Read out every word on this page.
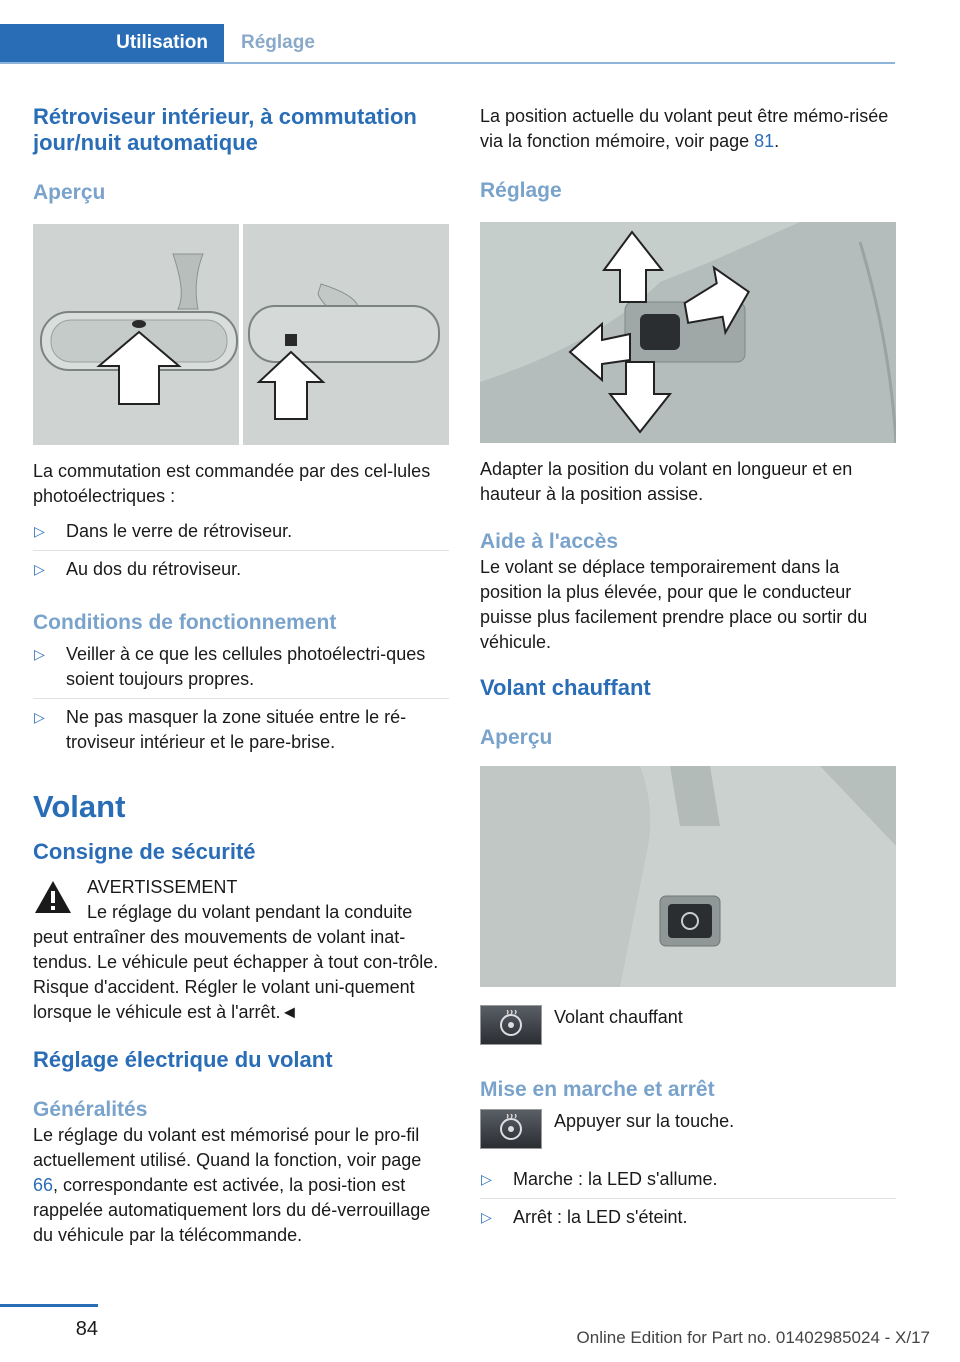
Utilisation	Réglage
Rétroviseur intérieur, à commutation jour/nuit automatique
Aperçu

La commutation est commandée par des cel-lules photoélectriques :

▷ Dans le verre de rétroviseur.
▷ Au dos du rétroviseur.
Conditions de fonctionnement
▷ Veiller à ce que les cellules photoélectri-ques soient toujours propres.
▷ Ne pas masquer la zone située entre le ré-troviseur intérieur et le pare-brise.
Volant
Consigne de sécurité
AVERTISSEMENT

Le réglage du volant pendant la conduite peut entraîner des mouvements de volant inat-tendus. Le véhicule peut échapper à tout con-trôle. Risque d'accident. Régler le volant uni-quement lorsque le véhicule est à l'arrêt.◄

Réglage électrique du volant
Généralités

Le réglage du volant est mémorisé pour le pro-fil actuellement utilisé. Quand la fonction, voir page 66, correspondante est activée, la posi-tion est rappelée automatiquement lors du dé-verrouillage du véhicule par la télécommande.

La position actuelle du volant peut être mémo-risée via la fonction mémoire, voir page 81.

Réglage

Adapter la position du volant en longueur et en hauteur à la position assise.

Aide à l'accès

Le volant se déplace temporairement dans la position la plus élevée, pour que le conducteur puisse plus facilement prendre place ou sortir du véhicule.

Volant chauffant
Aperçu
Volant chauffant
Mise en marche et arrêt
Appuyer sur la touche.
▷ Marche : la LED s'allume.
▷ Arrêt : la LED s'éteint.
84	Online Edition for Part no. 01402985024 - X/17
